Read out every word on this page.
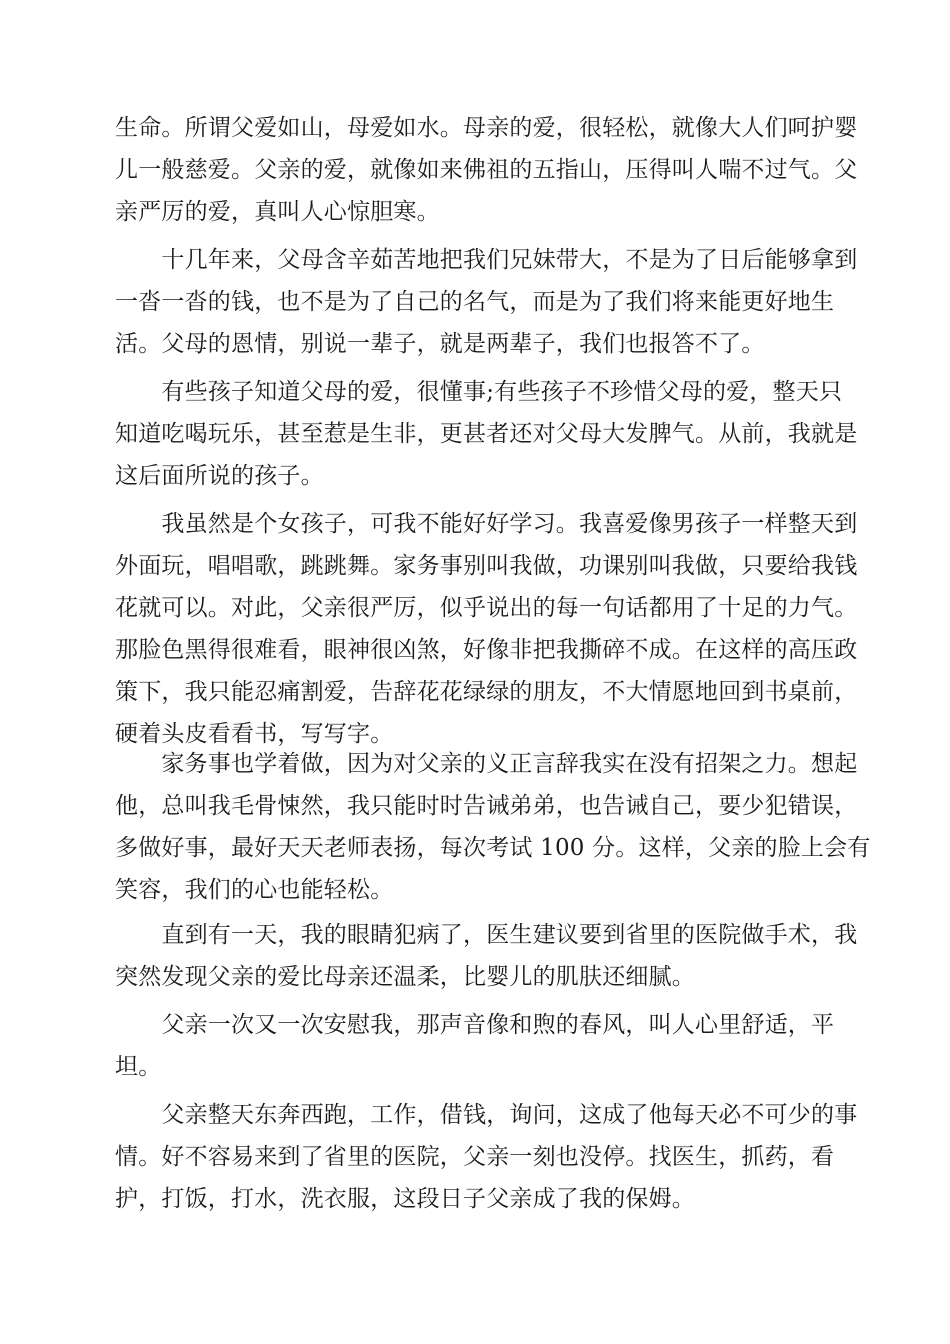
生命。所谓父爱如山，母爱如水。母亲的爱，很轻松，就像大人们呵护婴
儿一般慈爱。父亲的爱，就像如来佛祖的五指山，压得叫人喘不过气。父
亲严厉的爱，真叫人心惊胆寒。

　　十几年来，父母含辛茹苦地把我们兄妹带大，不是为了日后能够拿到
一沓一沓的钱，也不是为了自己的名气，而是为了我们将来能更好地生
活。父母的恩情，别说一辈子，就是两辈子，我们也报答不了。

　　有些孩子知道父母的爱，很懂事;有些孩子不珍惜父母的爱，整天只
知道吃喝玩乐，甚至惹是生非，更甚者还对父母大发脾气。从前，我就是
这后面所说的孩子。

　　我虽然是个女孩子，可我不能好好学习。我喜爱像男孩子一样整天到
外面玩，唱唱歌，跳跳舞。家务事别叫我做，功课别叫我做，只要给我钱
花就可以。对此，父亲很严厉，似乎说出的每一句话都用了十足的力气。
那脸色黑得很难看，眼神很凶煞，好像非把我撕碎不成。在这样的高压政
策下，我只能忍痛割爱，告辞花花绿绿的朋友，不大情愿地回到书桌前，
硬着头皮看看书，写写字。

　　家务事也学着做，因为对父亲的义正言辞我实在没有招架之力。想起
他，总叫我毛骨悚然，我只能时时告诫弟弟，也告诫自己，要少犯错误，
多做好事，最好天天老师表扬，每次考试 100 分。这样，父亲的脸上会有
笑容，我们的心也能轻松。

　　直到有一天，我的眼睛犯病了，医生建议要到省里的医院做手术，我
突然发现父亲的爱比母亲还温柔，比婴儿的肌肤还细腻。

　　父亲一次又一次安慰我，那声音像和煦的春风，叫人心里舒适，平
坦。

　　父亲整天东奔西跑，工作，借钱，询问，这成了他每天必不可少的事
情。好不容易来到了省里的医院，父亲一刻也没停。找医生，抓药，看
护，打饭，打水，洗衣服，这段日子父亲成了我的保姆。
